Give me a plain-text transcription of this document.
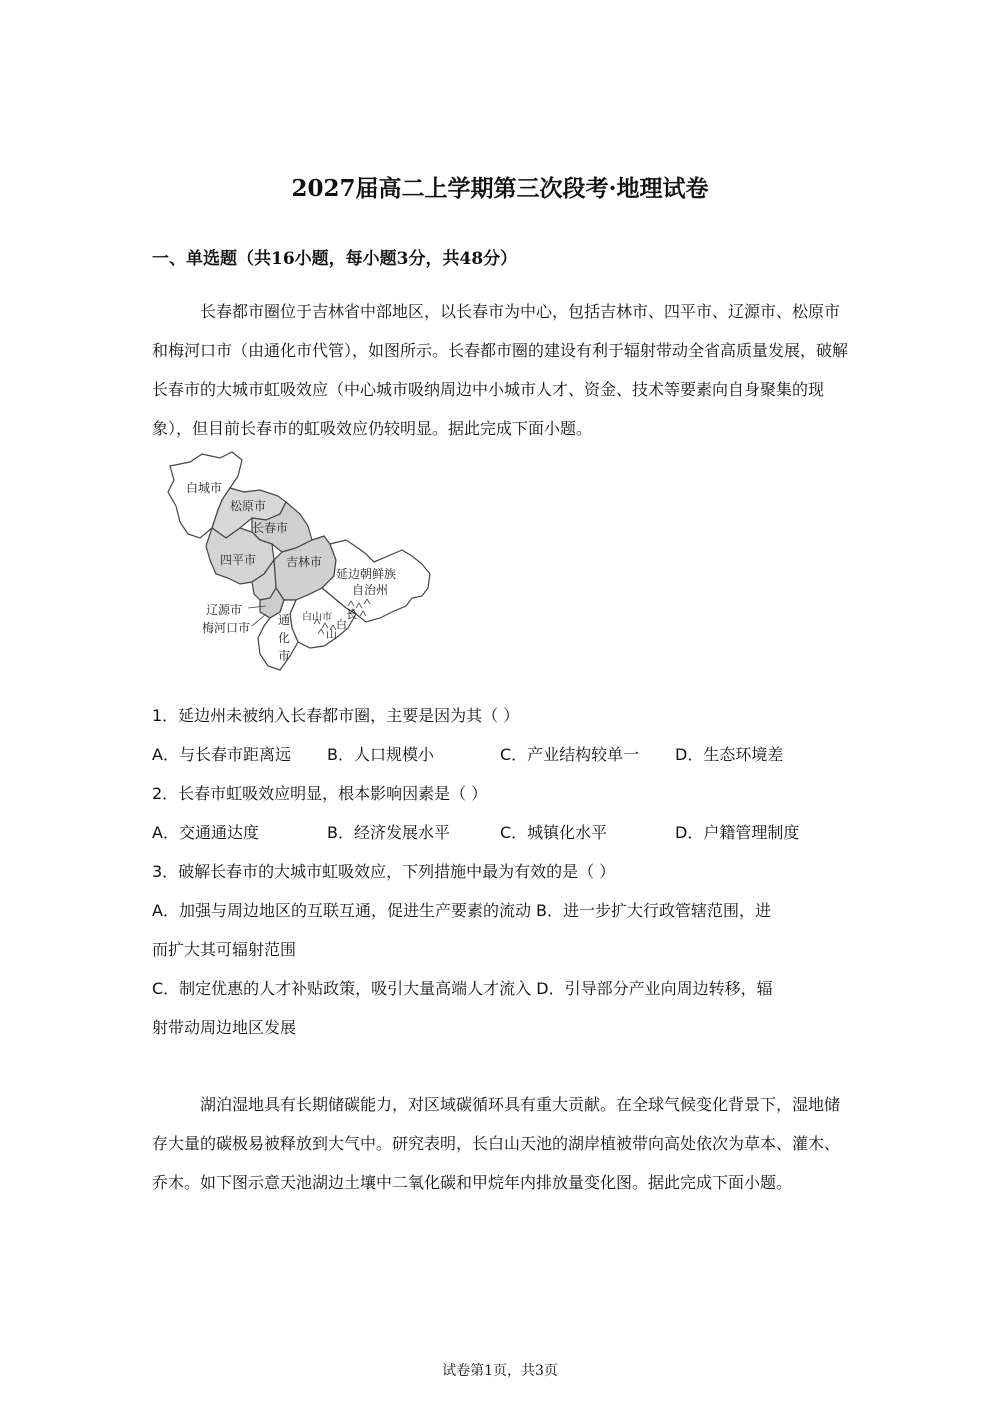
2027届高二上学期第三次段考·地理试卷
一、单选题（共16小题，每小题3分，共48分）

长春都市圈位于吉林省中部地区，以长春市为中心，包括吉林市、四平市、辽源市、松原市和梅河口市（由通化市代管），如图所示。长春都市圈的建设有利于辐射带动全省高质量发展，破解长春市的大城市虹吸效应（中心城市吸纳周边中小城市人才、资金、技术等要素向自身聚集的现象），但目前长春市的虹吸效应仍较明显。据此完成下面小题。

白城市
松原市
长春市
四平市 吉林市
延边朝鲜族
自治州
辽源市
梅河口市
白山市
通
化
市
长
白
山
1．延边州未被纳入长春都市圈，主要是因为其（ ）
A．与长春市距离远 B．人口规模小	C．产业结构较单一 D．生态环境差
2．长春市虹吸效应明显，根本影响因素是（ ）
A．交通通达度	B．经济发展水平	C．城镇化水平	D．户籍管理制度
3．破解长春市的大城市虹吸效应，下列措施中最为有效的是（ ）
A．加强与周边地区的互联互通，促进生产要素的流动 B．进一步扩大行政管辖范围，进
而扩大其可辐射范围
C．制定优惠的人才补贴政策，吸引大量高端人才流入 D．引导部分产业向周边转移，辐
射带动周边地区发展

湖泊湿地具有长期储碳能力，对区域碳循环具有重大贡献。在全球气候变化背景下，湿地储存大量的碳极易被释放到大气中。研究表明，长白山天池的湖岸植被带向高处依次为草本、灌木、乔木。如下图示意天池湖边土壤中二氧化碳和甲烷年内排放量变化图。据此完成下面小题。

试卷第1页，共3页
